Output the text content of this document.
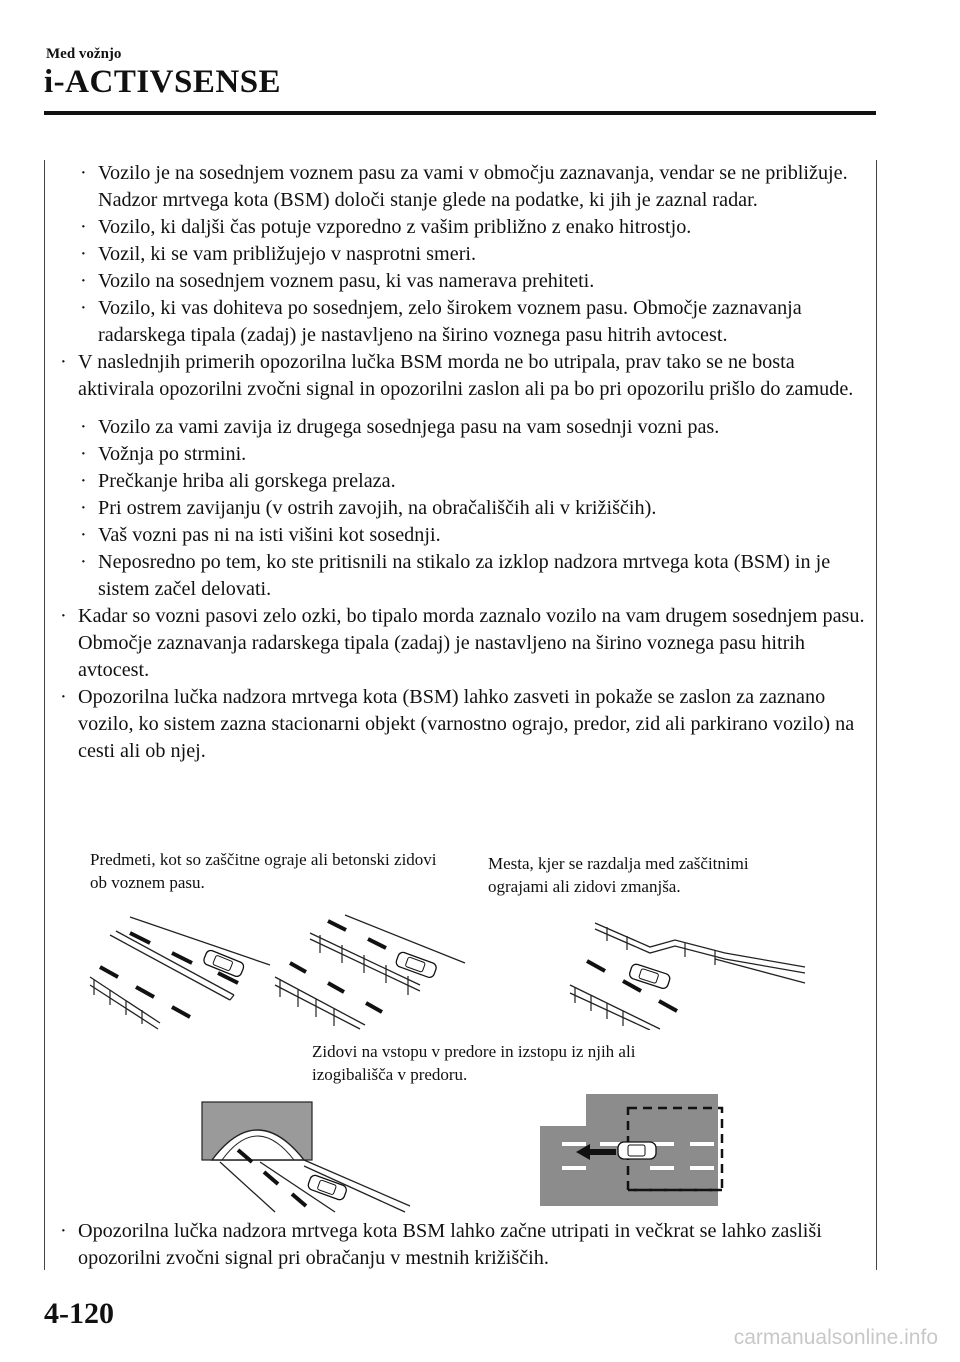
Med vožnjo
i-ACTIVSENSE
· Vozilo je na sosednjem voznem pasu za vami v območju zaznavanja, vendar se ne približuje. Nadzor mrtvega kota (BSM) določi stanje glede na podatke, ki jih je zaznal radar.
· Vozilo, ki daljši čas potuje vzporedno z vašim približno z enako hitrostjo.
· Vozil, ki se vam približujejo v nasprotni smeri.
· Vozilo na sosednjem voznem pasu, ki vas namerava prehiteti.
· Vozilo, ki vas dohiteva po sosednjem, zelo širokem voznem pasu. Območje zaznavanja radarskega tipala (zadaj) je nastavljeno na širino voznega pasu hitrih avtocest.
· V naslednjih primerih opozorilna lučka BSM morda ne bo utripala, prav tako se ne bosta aktivirala opozorilni zvočni signal in opozorilni zaslon ali pa bo pri opozorilu prišlo do zamude.
· Vozilo za vami zavija iz drugega sosednjega pasu na vam sosednji vozni pas.
· Vožnja po strmini.
· Prečkanje hriba ali gorskega prelaza.
· Pri ostrem zavijanju (v ostrih zavojih, na obračališčih ali v križiščih).
· Vaš vozni pas ni na isti višini kot sosednji.
· Neposredno po tem, ko ste pritisnili na stikalo za izklop nadzora mrtvega kota (BSM) in je sistem začel delovati.
· Kadar so vozni pasovi zelo ozki, bo tipalo morda zaznalo vozilo na vam drugem sosednjem pasu. Območje zaznavanja radarskega tipala (zadaj) je nastavljeno na širino voznega pasu hitrih avtocest.
· Opozorilna lučka nadzora mrtvega kota (BSM) lahko zasveti in pokaže se zaslon za zaznano vozilo, ko sistem zazna stacionarni objekt (varnostno ograjo, predor, zid ali parkirano vozilo) na cesti ali ob njej.
Predmeti, kot so zaščitne ograje ali betonski zidovi ob voznem pasu.
Mesta, kjer se razdalja med zaščitnimi ograjami ali zidovi zmanjša.
Zidovi na vstopu v predore in izstopu iz njih ali izogibališča v predoru.
· Opozorilna lučka nadzora mrtvega kota BSM lahko začne utripati in večkrat se lahko zasliši opozorilni zvočni signal pri obračanju v mestnih križiščih.
4-120
carmanualsonline.info
